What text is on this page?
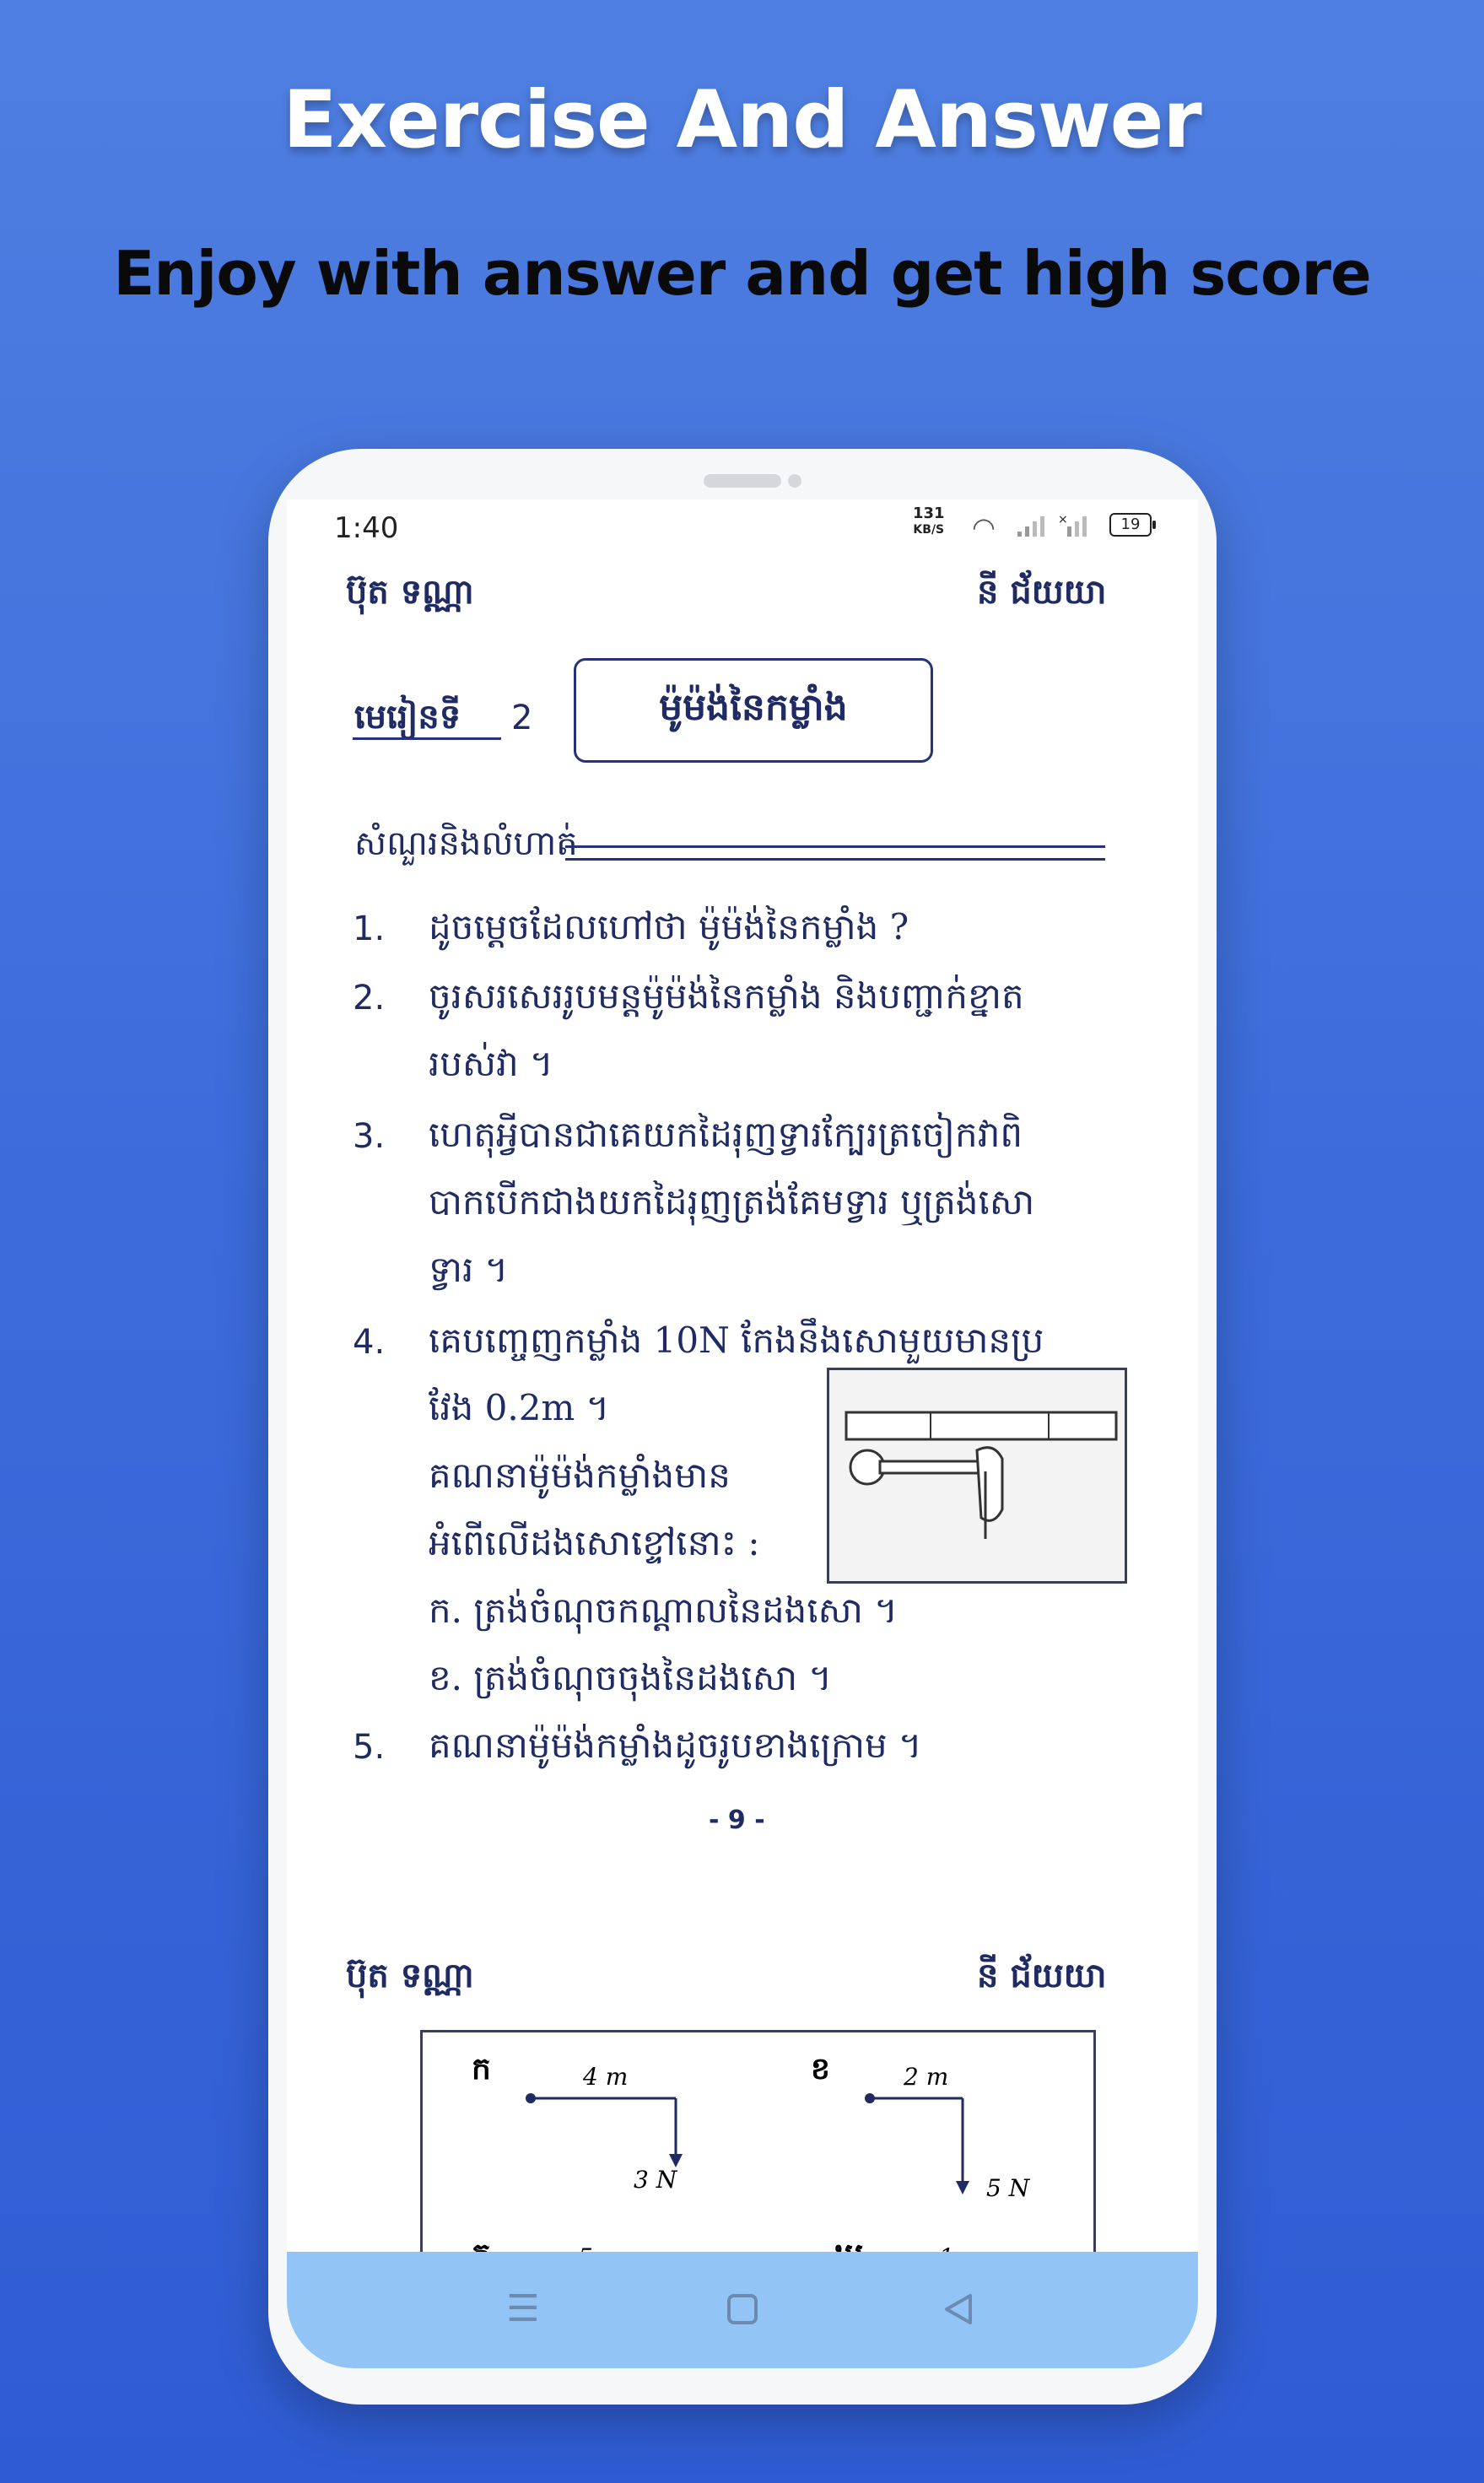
Exercise And Answer
Enjoy with answer and get high score
1:40	131
KB/S ◠	×	19
ប៊ុត ទណ្ណា	នី ជ័យយា
មេរៀនទី 2	ម៉ូម៉ង់នៃកម្លាំង
សំណួរនិងលំហាត់
1. ដូចម្តេចដែលហៅថា ម៉ូម៉ង់នៃកម្លាំង ?
2. ចូរសរសេររូបមន្តម៉ូម៉ង់នៃកម្លាំង និងបញ្ជាក់ខ្នាត
របស់វា ។
3. ហេតុអ្វីបានជាគេយកដៃរុញទ្វារក្បែរត្រចៀកវាពិ
បាកបើកជាងយកដៃរុញត្រង់គែមទ្វារ ឬត្រង់សោ
ទ្វារ ។
4. គេបញ្ចេញកម្លាំង 10N កែងនឹងសោមួយមានប្រ
វែង 0.2m ។
គណនាម៉ូម៉ង់កម្លាំងមាន
អំពើលើដងសោខ្ទៅនោះ :
ក. ត្រង់ចំណុចកណ្តាលនៃដងសោ ។
ខ. ត្រង់ចំណុចចុងនៃដងសោ ។
5. គណនាម៉ូម៉ង់កម្លាំងដូចរូបខាងក្រោម ។
- 9 -
ប៊ុត ទណ្ណា	នី ជ័យយា
ក	4 m
3 N
ខ	2 m
5 N
☰
